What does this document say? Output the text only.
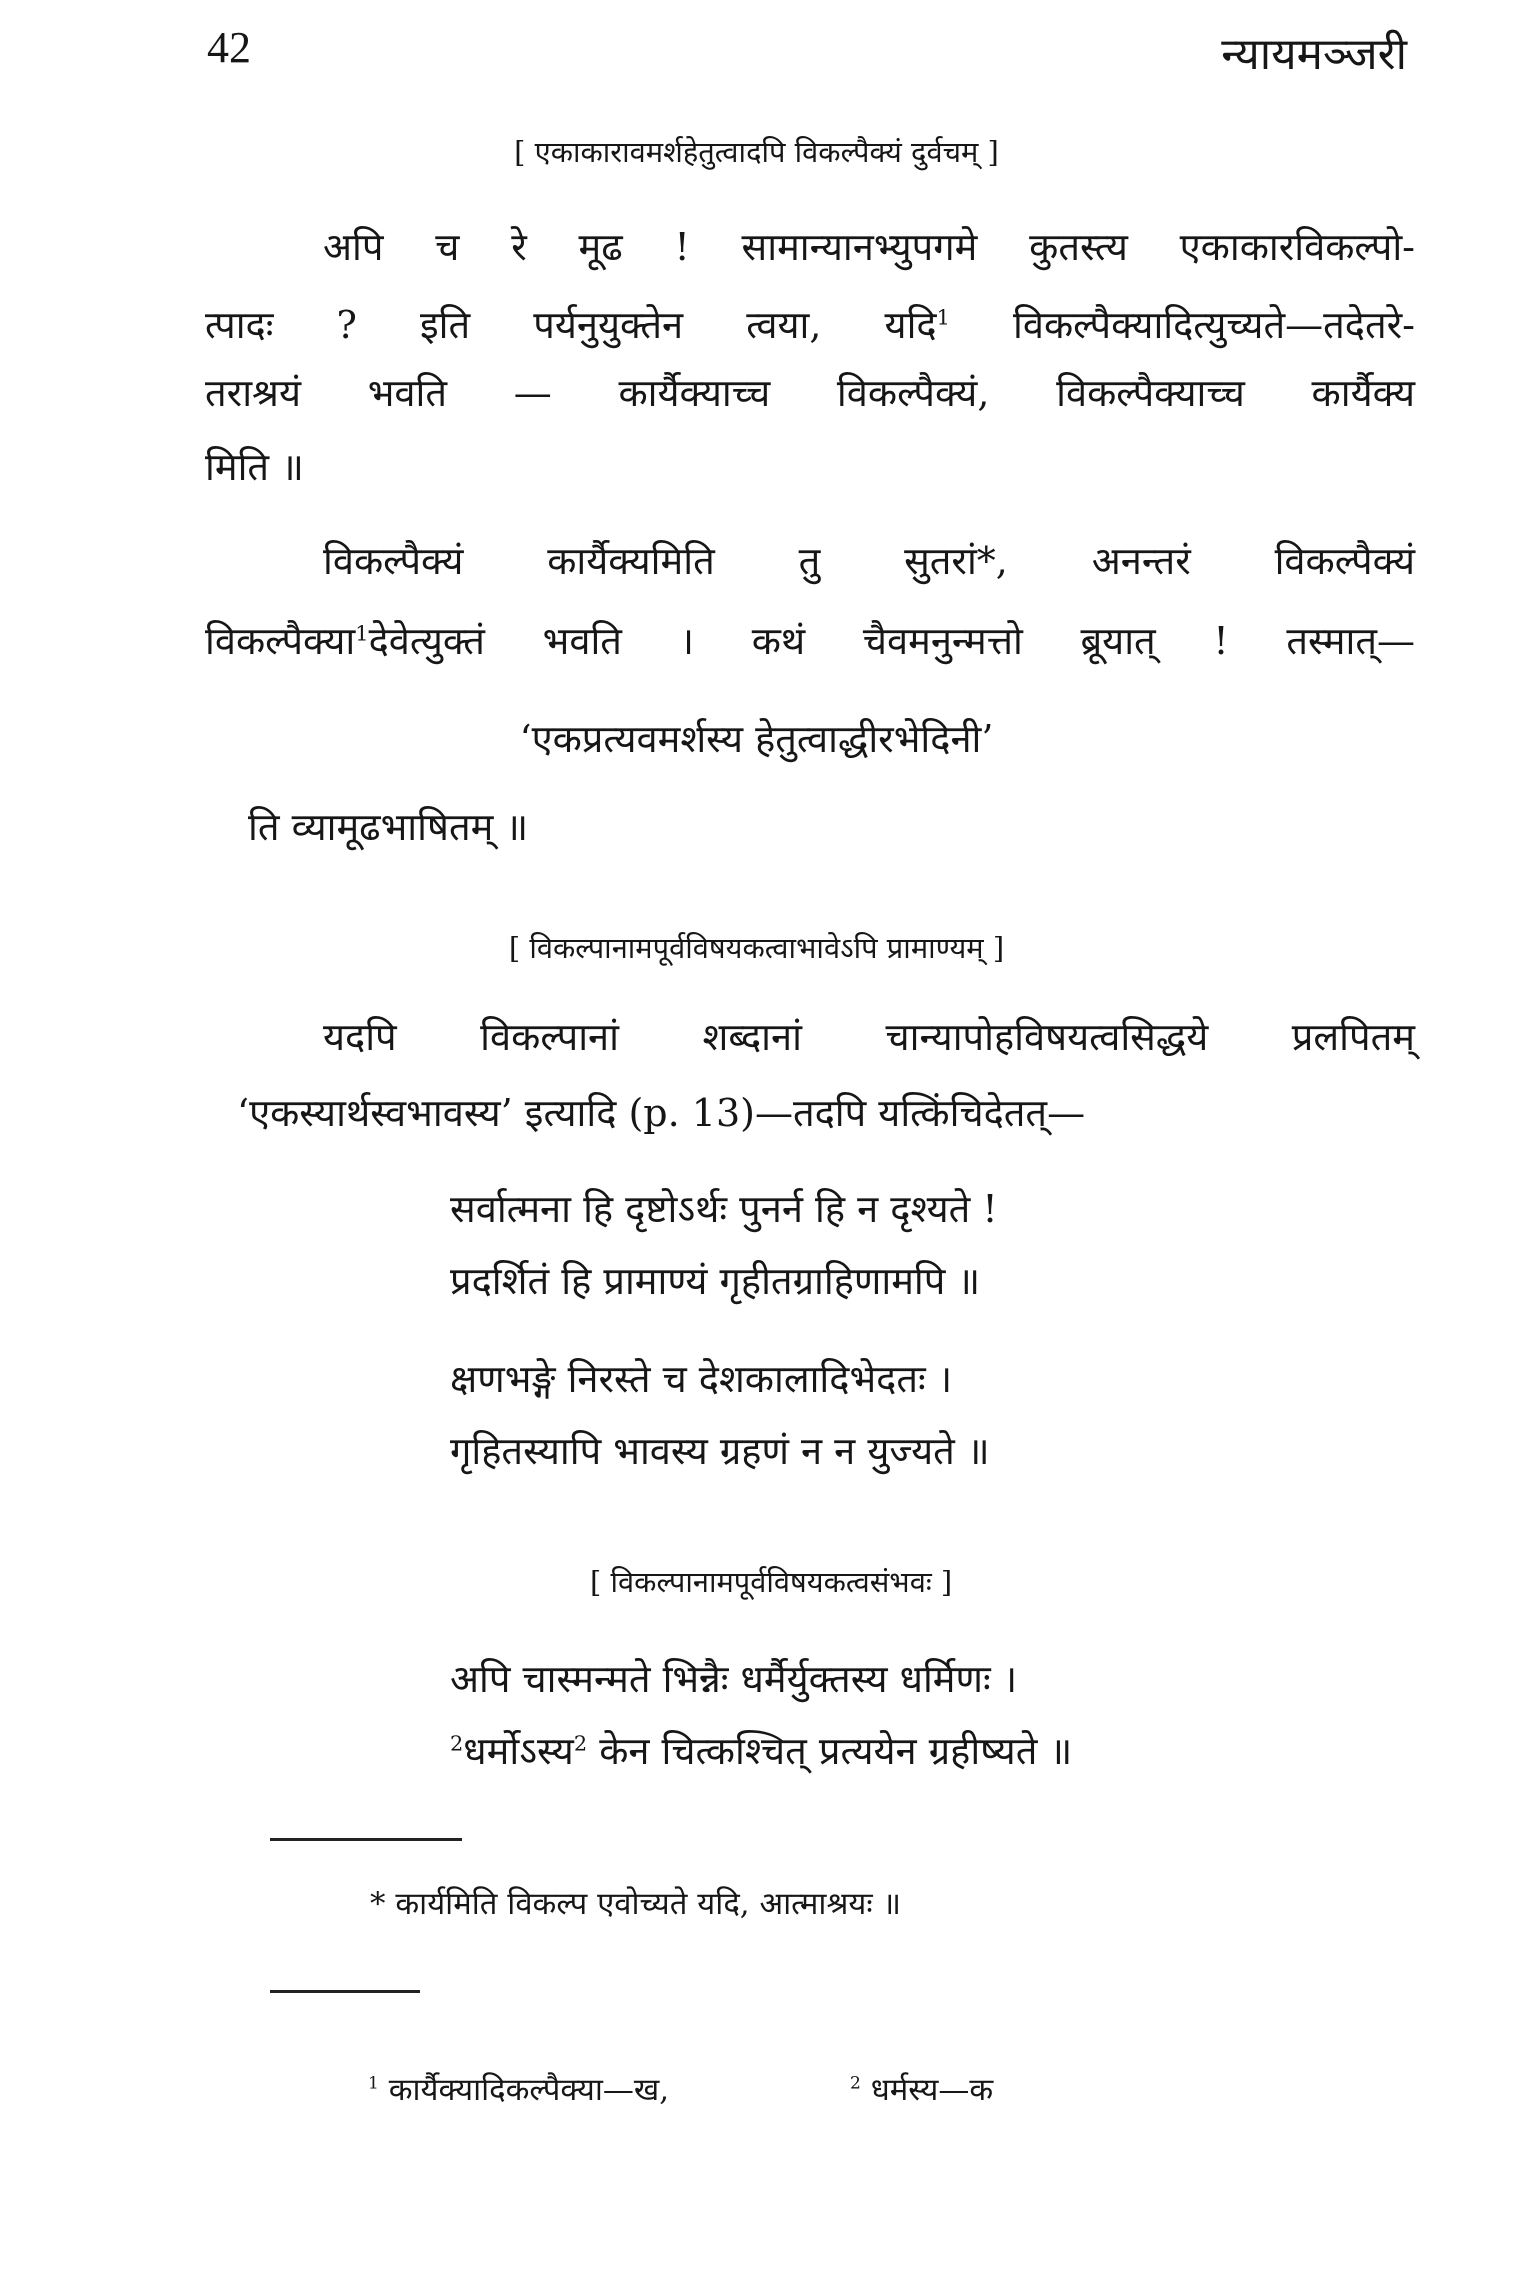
42	न्यायमञ्जरी
[ एकाकारावमर्शहेतुत्वादपि विकल्पैक्यं दुर्वचम् ]
अपि च रे मूढ ! सामान्यानभ्युपगमे कुतस्त्य एकाकारविकल्पो-
त्पादः ? इति पर्यनुयुक्तेन त्वया, यदि$^1$ विकल्पैक्यादित्युच्यते—तदेतरे-
तराश्रयं भवति — कार्यैक्याच्च विकल्पैक्यं, विकल्पैक्याच्च कार्यैक्य
मिति ॥
विकल्पैक्यं कार्यैक्यमिति तु सुतरां*, अनन्तरं विकल्पैक्यं
विकल्पैक्या$^1$देवेत्युक्तं भवति । कथं चैवमनुन्मत्तो ब्रूयात् ! तस्मात्—
‘एकप्रत्यवमर्शस्य हेतुत्वाद्धीरभेदिनी’
ति व्यामूढभाषितम् ॥
[ विकल्पानामपूर्वविषयकत्वाभावेऽपि प्रामाण्यम् ]
यदपि विकल्पानां शब्दानां चान्यापोहविषयत्वसिद्धये प्रलपितम्
‘एकस्यार्थस्वभावस्य’ इत्यादि (p. 13)—तदपि यत्किंचिदेतत्—
सर्वात्मना हि दृष्टोऽर्थः पुनर्न हि न दृश्यते !
प्रदर्शितं हि प्रामाण्यं गृहीतग्राहिणामपि ॥
क्षणभङ्गे निरस्ते च देशकालादिभेदतः ।
गृहितस्यापि भावस्य ग्रहणं न न युज्यते ॥
[ विकल्पानामपूर्वविषयकत्वसंभवः ]
अपि चास्मन्मते भिन्नैः धर्मैर्युक्तस्य धर्मिणः ।
$^2$धर्मोऽस्य$^2$ केन चित्कश्चित् प्रत्ययेन ग्रहीष्यते ॥
* कार्यमिति विकल्प एवोच्यते यदि, आत्माश्रयः ॥
$^1$ कार्यैक्यादिकल्पैक्या—ख,	$^2$ धर्मस्य—क
